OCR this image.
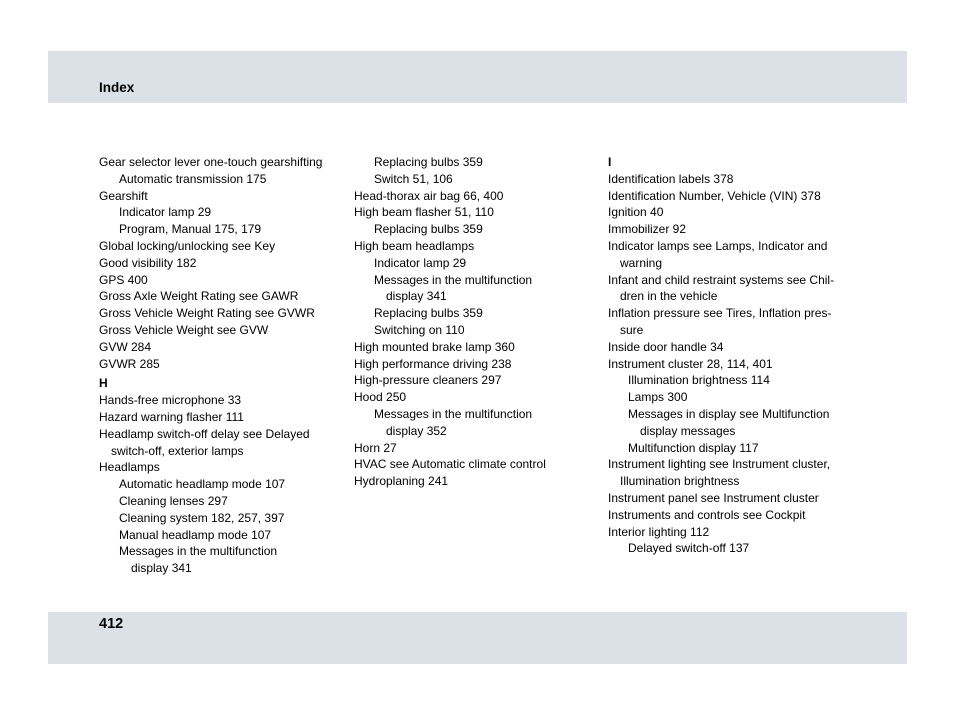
Index
Gear selector lever one-touch gearshifting
Automatic transmission 175
Gearshift
Indicator lamp 29
Program, Manual 175, 179
Global locking/unlocking see Key
Good visibility 182
GPS 400
Gross Axle Weight Rating see GAWR
Gross Vehicle Weight Rating see GVWR
Gross Vehicle Weight see GVW
GVW 284
GVWR 285
H
Hands-free microphone 33
Hazard warning flasher 111
Headlamp switch-off delay see Delayed
switch-off, exterior lamps
Headlamps
Automatic headlamp mode 107
Cleaning lenses 297
Cleaning system 182, 257, 397
Manual headlamp mode 107
Messages in the multifunction
display 341
Replacing bulbs 359
Switch 51, 106
Head-thorax air bag 66, 400
High beam flasher 51, 110
Replacing bulbs 359
High beam headlamps
Indicator lamp 29
Messages in the multifunction
display 341
Replacing bulbs 359
Switching on 110
High mounted brake lamp 360
High performance driving 238
High-pressure cleaners 297
Hood 250
Messages in the multifunction
display 352
Horn 27
HVAC see Automatic climate control
Hydroplaning 241
I
Identification labels 378
Identification Number, Vehicle (VIN) 378
Ignition 40
Immobilizer 92
Indicator lamps see Lamps, Indicator and
warning
Infant and child restraint systems see Chil-
dren in the vehicle
Inflation pressure see Tires, Inflation pres-
sure
Inside door handle 34
Instrument cluster 28, 114, 401
Illumination brightness 114
Lamps 300
Messages in display see Multifunction
display messages
Multifunction display 117
Instrument lighting see Instrument cluster,
Illumination brightness
Instrument panel see Instrument cluster
Instruments and controls see Cockpit
Interior lighting 112
Delayed switch-off 137
412
